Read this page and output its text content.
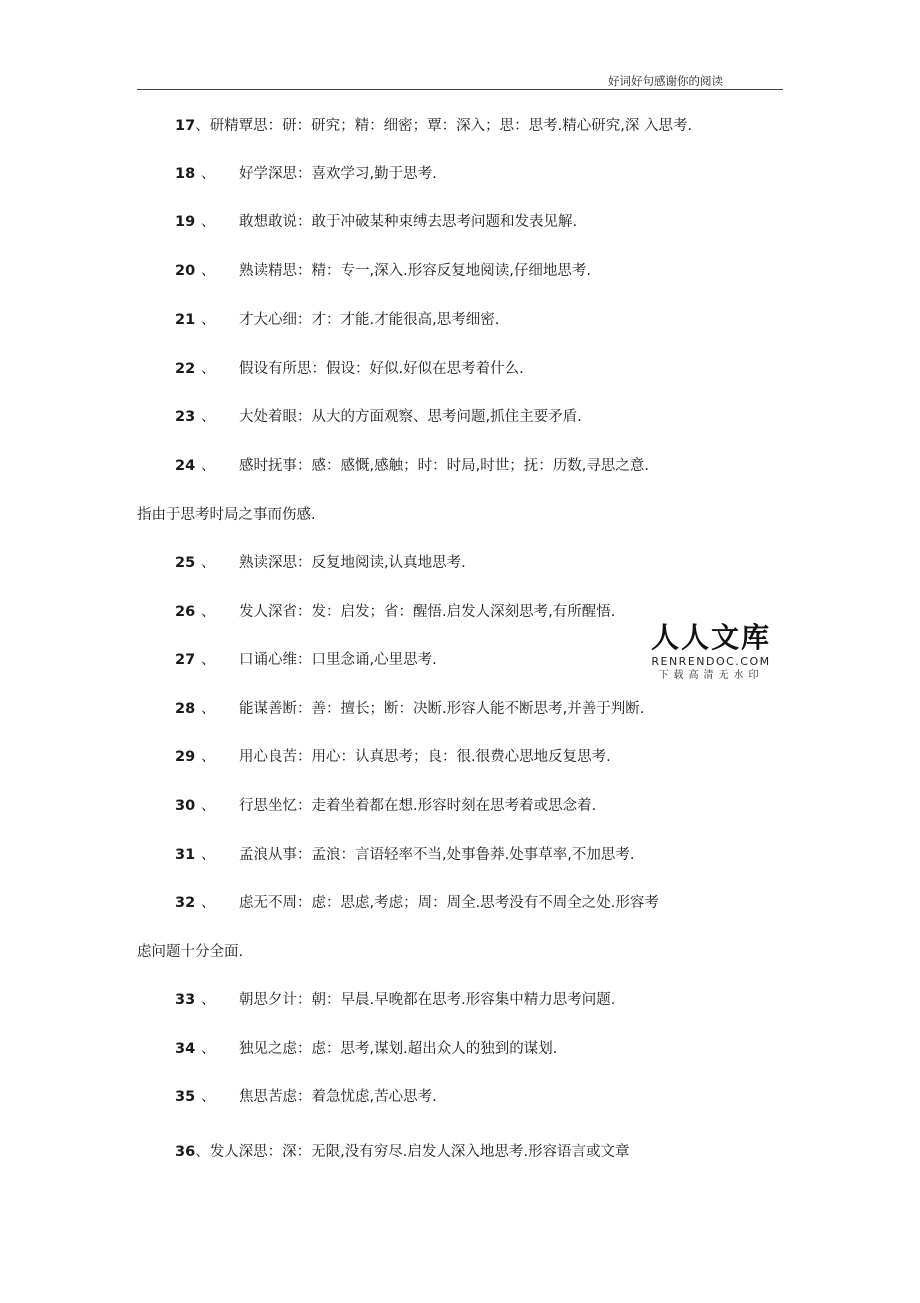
好词好句感谢你的阅读
17、研精覃思：研：研究；精：细密；覃：深入；思：思考.精心研究,深 入思考.
18 、 好学深思：喜欢学习,勤于思考.
19 、 敢想敢说：敢于冲破某种束缚去思考问题和发表见解.
20 、 熟读精思：精：专一,深入.形容反复地阅读,仔细地思考.
21 、 才大心细：才：才能.才能很高,思考细密.
22 、 假设有所思：假设：好似.好似在思考着什么.
23 、 大处着眼：从大的方面观察、思考问题,抓住主要矛盾.
24 、 感时抚事：感：感慨,感触；时：时局,时世；抚：历数,寻思之意.
指由于思考时局之事而伤感.
25 、 熟读深思：反复地阅读,认真地思考.
26 、 发人深省：发：启发；省：醒悟.启发人深刻思考,有所醒悟.
27 、 口诵心维：口里念诵,心里思考.
28 、 能谋善断：善：擅长；断：决断.形容人能不断思考,并善于判断.
29 、 用心良苦：用心：认真思考；良：很.很费心思地反复思考.
30 、 行思坐忆：走着坐着都在想.形容时刻在思考着或思念着.
31 、 孟浪从事：孟浪：言语轻率不当,处事鲁莽.处事草率,不加思考.
32 、 虑无不周：虑：思虑,考虑；周：周全.思考没有不周全之处.形容考
虑问题十分全面.
33 、 朝思夕计：朝：早晨.早晚都在思考.形容集中精力思考问题.
34 、 独见之虑：虑：思考,谋划.超出众人的独到的谋划.
35 、 焦思苦虑：着急忧虑,苦心思考.
36、发人深思：深：无限,没有穷尽.启发人深入地思考.形容语言或文章
人人文库
RENRENDOC.COM
下载高清无水印
